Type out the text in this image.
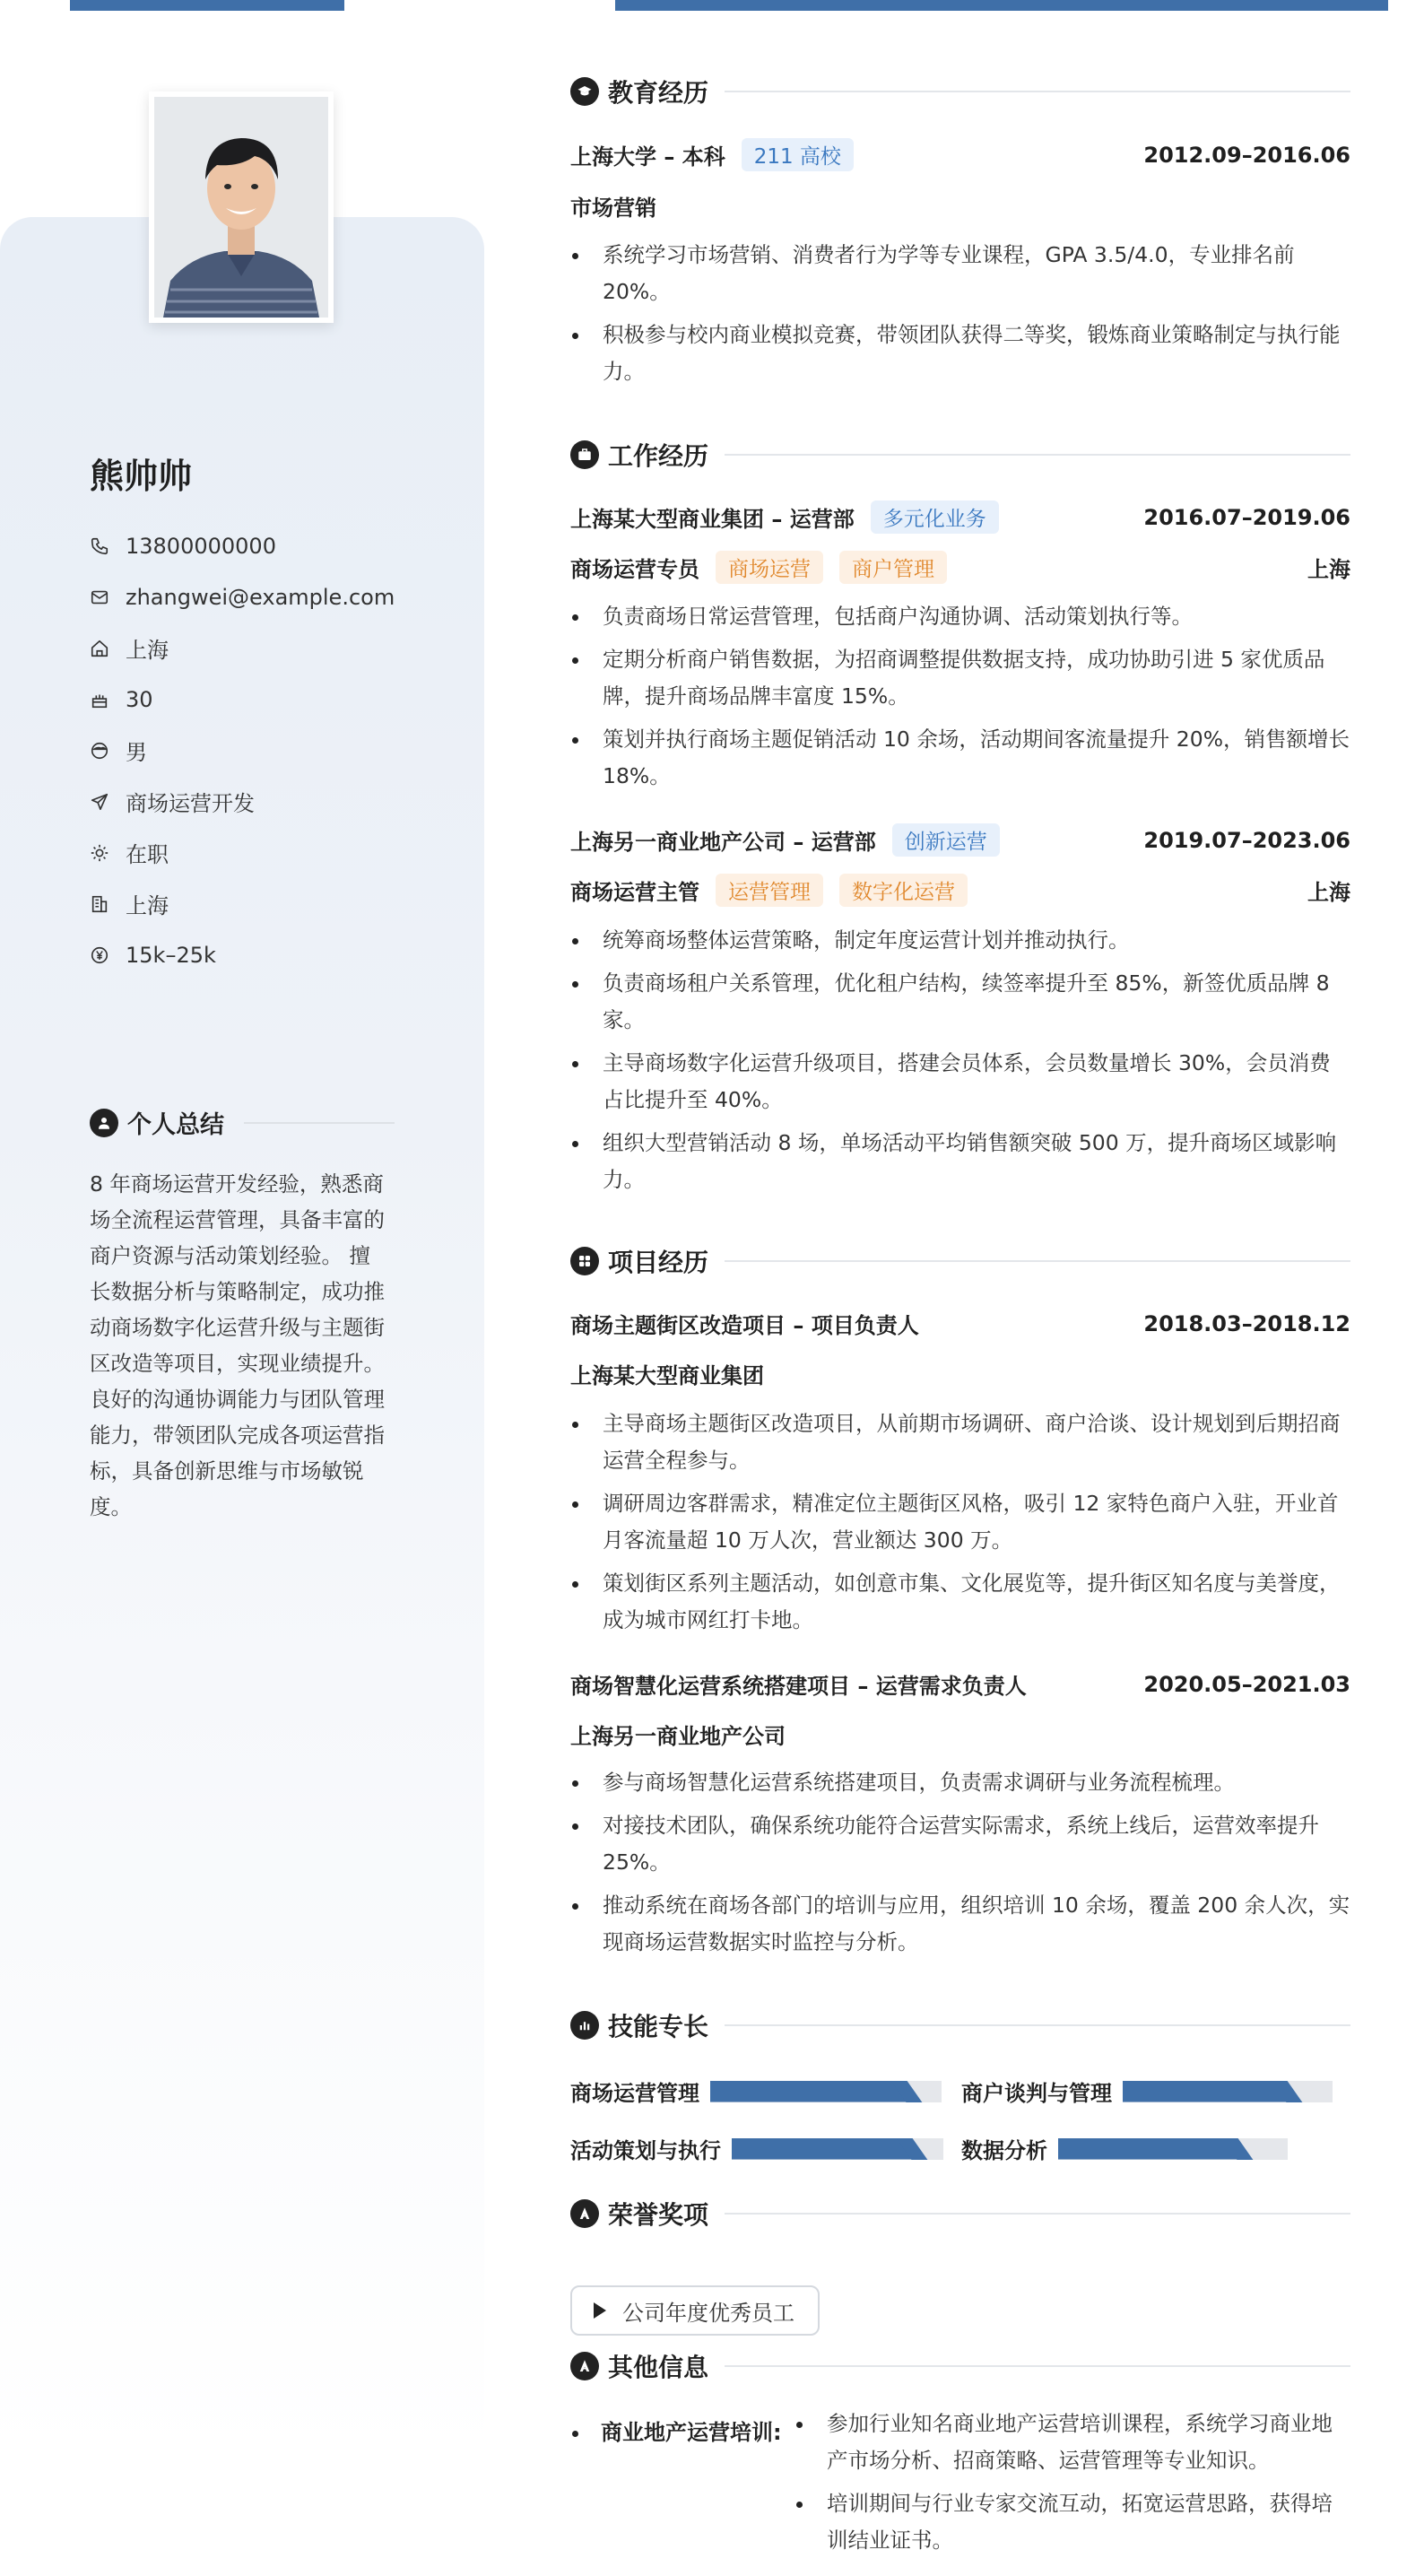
熊帅帅
13800000000
zhangwei@example.com
上海
30
男
商场运营开发
在职
上海
15k–25k
个人总结
8 年商场运营开发经验，熟悉商场全流程运营管理，具备丰富的商户资源与活动策划经验。 擅长数据分析与策略制定，成功推动商场数字化运营升级与主题街区改造等项目，实现业绩提升。 良好的沟通协调能力与团队管理能力，带领团队完成各项运营指标，具备创新思维与市场敏锐度。
教育经历
上海大学 – 本科	211 高校	2012.09–2016.06
市场营销
系统学习市场营销、消费者行为学等专业课程，GPA 3.5/4.0，专业排名前 20%。
积极参与校内商业模拟竞赛，带领团队获得二等奖，锻炼商业策略制定与执行能力。
工作经历
上海某大型商业集团 – 运营部	多元化业务	2016.07–2019.06
商场运营专员	商场运营	商户管理	上海
负责商场日常运营管理，包括商户沟通协调、活动策划执行等。
定期分析商户销售数据，为招商调整提供数据支持，成功协助引进 5 家优质品牌，提升商场品牌丰富度 15%。
策划并执行商场主题促销活动 10 余场，活动期间客流量提升 20%，销售额增长 18%。
上海另一商业地产公司 – 运营部	创新运营	2019.07–2023.06
商场运营主管	运营管理	数字化运营	上海
统筹商场整体运营策略，制定年度运营计划并推动执行。
负责商场租户关系管理，优化租户结构，续签率提升至 85%，新签优质品牌 8 家。
主导商场数字化运营升级项目，搭建会员体系，会员数量增长 30%，会员消费占比提升至 40%。
组织大型营销活动 8 场，单场活动平均销售额突破 500 万，提升商场区域影响力。
项目经历
商场主题街区改造项目 – 项目负责人	2018.03–2018.12
上海某大型商业集团
主导商场主题街区改造项目，从前期市场调研、商户洽谈、设计规划到后期招商运营全程参与。
调研周边客群需求，精准定位主题街区风格，吸引 12 家特色商户入驻，开业首月客流量超 10 万人次，营业额达 300 万。
策划街区系列主题活动，如创意市集、文化展览等，提升街区知名度与美誉度，成为城市网红打卡地。
商场智慧化运营系统搭建项目 – 运营需求负责人	2020.05–2021.03
上海另一商业地产公司
参与商场智慧化运营系统搭建项目，负责需求调研与业务流程梳理。
对接技术团队，确保系统功能符合运营实际需求，系统上线后，运营效率提升 25%。
推动系统在商场各部门的培训与应用，组织培训 10 余场，覆盖 200 余人次，实现商场运营数据实时监控与分析。
技能专长
商场运营管理	商户谈判与管理
活动策划与执行	数据分析
荣誉奖项
公司年度优秀员工
其他信息
商业地产运营培训:	参加行业知名商业地产运营培训课程，系统学习商业地产市场分析、招商策略、运营管理等专业知识。
培训期间与行业专家交流互动，拓宽运营思路，获得培训结业证书。
